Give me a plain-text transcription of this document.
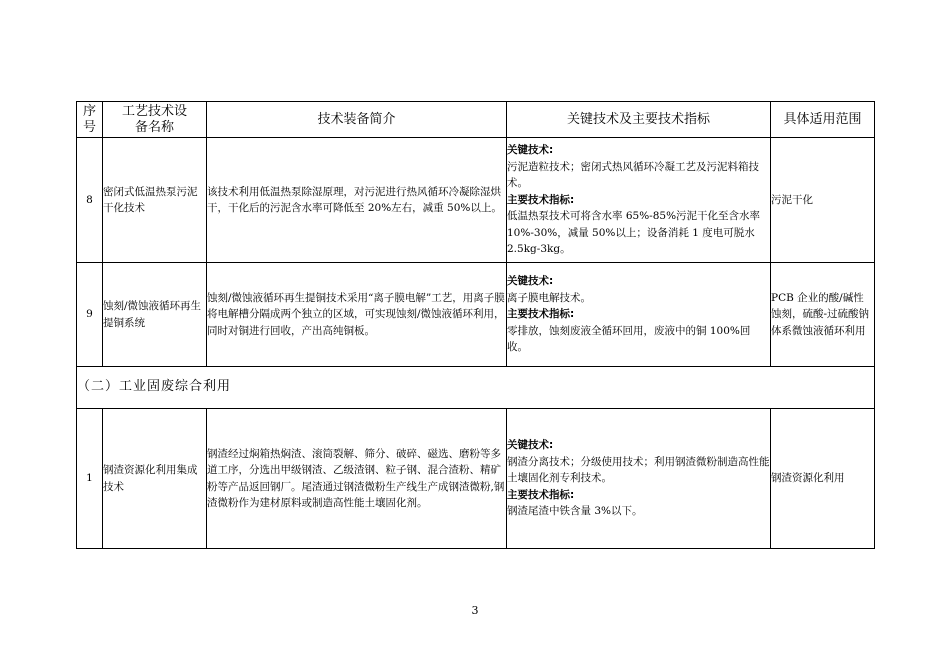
序号	工艺技术设备名称	技术装备简介	关键技术及主要技术指标	具体适用范围
8	密闭式低温热泵污泥干化技术	该技术利用低温热泵除湿原理，对污泥进行热风循环冷凝除湿烘干，干化后的污泥含水率可降低至 20%左右，减重 50%以上。	关键技术:

污泥造粒技术；密闭式热风循环冷凝工艺及污泥料箱技术。

主要技术指标:

低温热泵技术可将含水率 65%-85%污泥干化至含水率 10%-30%，减量 50%以上；设备消耗 1 度电可脱水 2.5kg-3kg。	污泥干化
9	蚀刻/微蚀液循环再生提铜系统	蚀刻/微蚀液循环再生提铜技术采用“离子膜电解”工艺，用离子膜将电解槽分隔成两个独立的区域，可实现蚀刻/微蚀液循环利用，同时对铜进行回收，产出高纯铜板。	关键技术:

离子膜电解技术。

主要技术指标:

零排放，蚀刻废液全循环回用，废液中的铜 100%回收。	PCB 企业的酸/碱性蚀刻，硫酸-过硫酸钠体系微蚀液循环利用
（二）工业固废综合利用				
1	钢渣资源化利用集成技术	钢渣经过焖箱热焖渣、滚筒裂解、筛分、破碎、磁选、磨粉等多道工序，分选出甲级钢渣、乙级渣钢、粒子钢、混合渣粉、精矿粉等产品返回钢厂。尾渣通过钢渣微粉生产线生产成钢渣微粉,钢渣微粉作为建材原料或制造高性能土壤固化剂。	关键技术:

钢渣分离技术；分级使用技术；利用钢渣微粉制造高性能土壤固化剂专利技术。

主要技术指标:

钢渣尾渣中铁含量 3%以下。	钢渣资源化利用
3
